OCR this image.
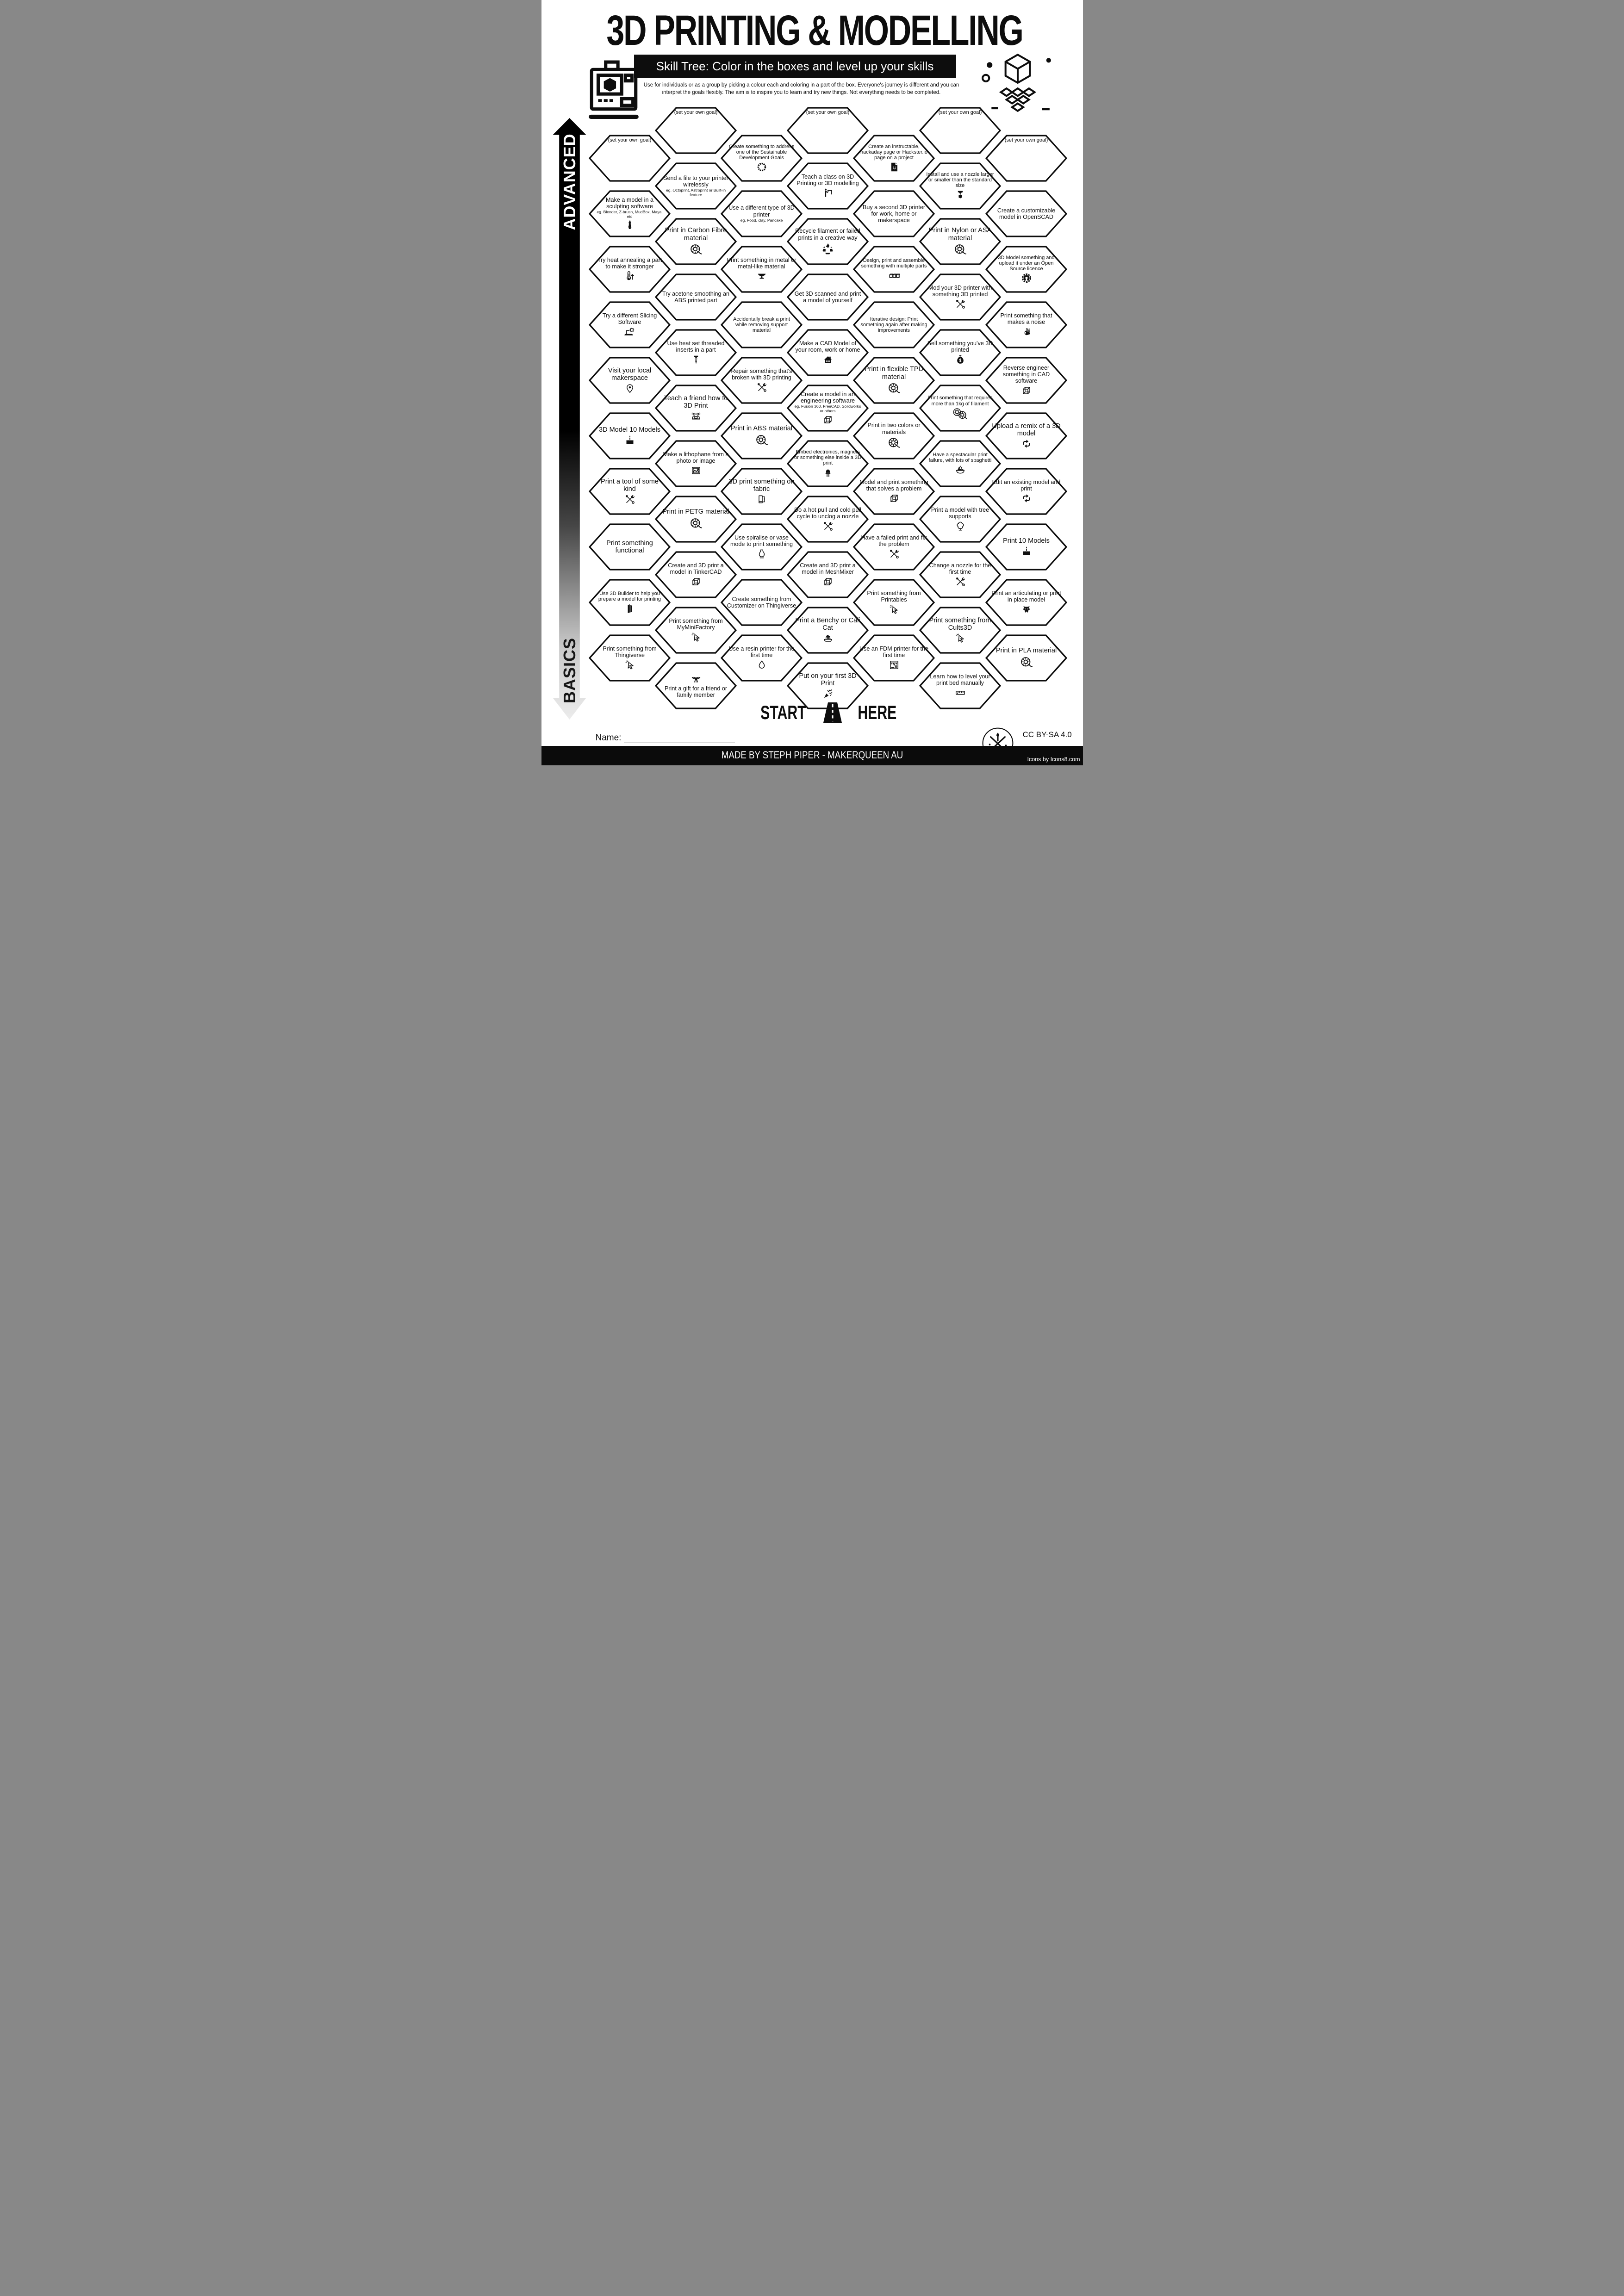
3D PRINTING & MODELLING
Skill Tree: Color in the boxes and level up your skills
Use for individuals or as a group by picking a colour each and coloring in a part of the box. Everyone's journey is different and you can
interpret the goals flexibly. The aim is to inspire you to learn and try new things. Not everything needs to be completed.
ADVANCED
BASICS
(set your own goal)
Make a model in a sculpting software
eg. Blender, Z-brush, MudBox, Maya, etc
Try heat annealing a part to make it stronger
Try a different Slicing Software
Visit your local makerspace
3D Model 10 Models
Print a tool of some kind
Print something functional
Use 3D Builder to help you prepare a model for printing
Print something from Thingiverse
(set your own goal)
Send a file to your printer wirelessly
eg. Octoprint, Astroprint or Built-in feature
Print in Carbon Fibre material
Try acetone smoothing an ABS printed part
Use heat set threaded inserts in a part
Teach a friend how to 3D Print
Make a lithophane from a photo or image
Print in PETG material
Create and 3D print a model in TinkerCAD
Print something from MyMiniFactory
Print a gift for a friend or family member
Create something to address one of the Sustainable Development Goals
Use a different type of 3D printer
eg. Food, clay, Pancake
Print something in metal or metal-like material
Accidentally break a print while removing support material
Repair something that's broken with 3D printing
Print in ABS material
3D print something on fabric
Use spiralise or vase mode to print something
Create something from Customizer on Thingiverse
Use a resin printer for the first time
(set your own goal)
Teach a class on 3D Printing or 3D modelling
Recycle filament or failed prints in a creative way
Get 3D scanned and print a model of yourself
Make a CAD Model of your room, work or home
Create a model in an engineering software
eg. Fusion 360, FreeCAD, Solidworks or others
Embed electronics, magnets or something else inside a 3D print
Do a hot pull and cold pull cycle to unclog a nozzle
Create and 3D print a model in MeshMixer
Print a Benchy or Cali Cat
Put on your first 3D Print
Create an instructable, hackaday page or Hackster.io page on a project
Buy a second 3D printer for work, home or makerspace
Design, print and assemble something with multiple parts
Iterative design: Print something again after making improvements
Print in flexible TPU material
Print in two colors or materials
Model and print something that solves a problem
Have a failed print and fix the problem
Print something from Printables
Use an FDM printer for the first time
(set your own goal)
Install and use a nozzle larger or smaller than the standard size
Print in Nylon or ASA material
Mod your 3D printer with something 3D printed
Sell something you've 3D printed
Print something that requires more than 1kg of filament
Have a spectacular print failure, with lots of spaghetti
Print a model with tree supports
Change a nozzle for the first time
Print something from Cults3D
Learn how to level your print bed manually
(set your own goal)
Create a customizable model in OpenSCAD
3D Model something and upload it under an Open Source licence
Print something that makes a noise
Reverse engineer something in CAD software
Upload a remix of a 3D model
Edit an existing model and print
Print 10 Models
Print an articulating or print in place model
Print in PLA material
START	HERE
Name:	CC BY-SA 4.0
MADE BY STEPH PIPER - MAKERQUEEN AU	Icons by Icons8.com
